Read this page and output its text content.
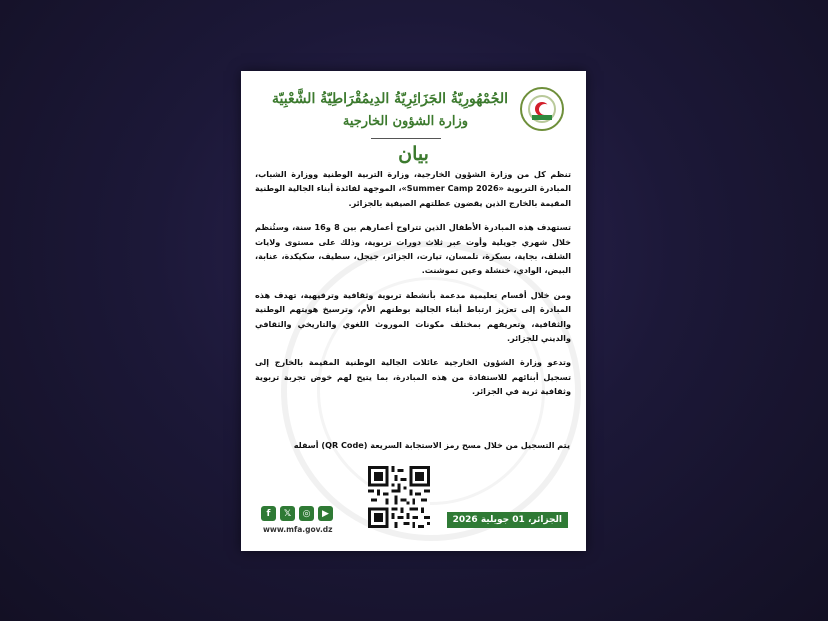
الجُمْهُورِيّةُ الجَزَائِرِيّةُ الدِيمُقْرَاطِيّةُ الشَّعْبِيّة
وزارة الشؤون الخارجية
بيان

تنظم كل من وزارة الشؤون الخارجية، وزارة التربية الوطنية ووزارة الشباب، المبادرة التربوية «Summer Camp 2026»، الموجهة لفائدة أبناء الجالية الوطنية المقيمة بالخارج الذين يقضون عطلتهم الصيفية بالجزائر.

تستهدف هذه المبادرة الأطفال الذين تتراوح أعمارهم بين 8 و16 سنة، وستُنظم خلال شهري جويلية وأوت عبر ثلاث دورات تربوية، وذلك على مستوى ولايات الشلف، بجاية، بسكرة، تلمسان، تيارت، الجزائر، جيجل، سطيف، سكيكدة، عنابة، البيض، الوادي، خنشلة وعين تموشنت.

ومن خلال أقسام تعليمية مدعمة بأنشطة تربوية وثقافية وترفيهية، تهدف هذه المبادرة إلى تعزيز ارتباط أبناء الجالية بوطنهم الأم، وترسيخ هويتهم الوطنية والثقافية، وتعريفهم بمختلف مكونات الموروث اللغوي والتاريخي والثقافي والديني للجزائر.

وتدعو وزارة الشؤون الخارجية عائلات الجالية الوطنية المقيمة بالخارج إلى تسجيل أبنائهم للاستفادة من هذه المبادرة، بما يتيح لهم خوض تجربة تربوية وثقافية ثرية في الجزائر.

يتم التسجيل من خلال مسح رمز الاستجابة السريعة (QR Code) أسفله
الجزائر، 01 جويلية 2026
f	𝕏	◎	▶
www.mfa.gov.dz
